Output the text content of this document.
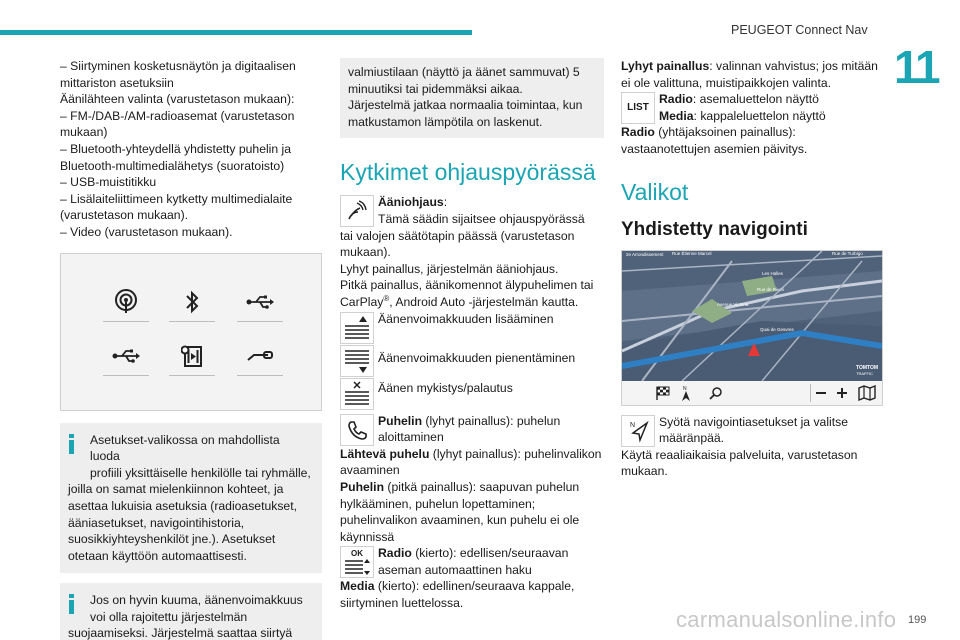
PEUGEOT Connect Nav
11

– Siirtyminen kosketusnäytön ja digitaalisen

mittariston asetuksiin

Äänilähteen valinta (varustetason mukaan):

– FM-/DAB-/AM-radioasemat (varustetason

mukaan)

– Bluetooth-yhteydellä yhdistetty puhelin ja

Bluetooth-multimedialähetys (suoratoisto)

– USB-muistitikku

– Lisälaiteliittimeen kytketty multimedialaite

(varustetason mukaan).

– Video (varustetason mukaan).

Asetukset-valikossa on mahdollista luoda

profiili yksittäiselle henkilölle tai ryhmälle,

joilla on samat mielenkiinnon kohteet, ja

asettaa lukuisia asetuksia (radioasetukset,

ääniasetukset, navigointihistoria,

suosikkiyhteyshenkilöt jne.). Asetukset

otetaan käyttöön automaattisesti.

Jos on hyvin kuuma, äänenvoimakkuus

voi olla rajoitettu järjestelmän

suojaamiseksi. Järjestelmä saattaa siirtyä

valmiustilaan (näyttö ja äänet sammuvat) 5

minuutiksi tai pidemmäksi aikaa.

Järjestelmä jatkaa normaalia toimintaa, kun

matkustamon lämpötila on laskenut.

Kytkimet ohjauspyörässä

Ääniohjaus:

Tämä säädin sijaitsee ohjauspyörässä

tai valojen säätötapin päässä (varustetason

mukaan).

Lyhyt painallus, järjestelmän ääniohjaus.

Pitkä painallus, äänikomennot älypuhelimen tai

CarPlay®, Android Auto -järjestelmän kautta.

Äänenvoimakkuuden lisääminen

Äänenvoimakkuuden pienentäminen

Äänen mykistys/palautus

Puhelin (lyhyt painallus): puhelun

aloittaminen

Lähtevä puhelu (lyhyt painallus): puhelinvalikon

avaaminen

Puhelin (pitkä painallus): saapuvan puhelun

hylkääminen, puhelun lopettaminen;

puhelinvalikon avaaminen, kun puhelu ei ole

käynnissä

OK	Radio (kierto): edellisen/seuraavan

aseman automaattinen haku

Media (kierto): edellinen/seuraava kappale,

siirtyminen luettelossa.

Lyhyt painallus: valinnan vahvistus; jos mitään

ei ole valittuna, muistipaikkojen valinta.

LIST

Radio: asemaluettelon näyttö

Media: kappaleluettelon näyttö

Radio (yhtäjaksoinen painallus):

vastaanotettujen asemien päivitys.

Valikot
Yhdistetty navigointi
2e Arrondissement Rue Étienne Marcel	Rue de Turbigo
Les Halles
Rue de Rivoli
Avenue Victoria
Quai de Gesvres
TOMTOM
TRAFFIC
N
N	Syötä navigointiasetukset ja valitse

määränpää.

Käytä reaaliaikaisia palveluita, varustetason

mukaan.

carmanualsonline.info 199
